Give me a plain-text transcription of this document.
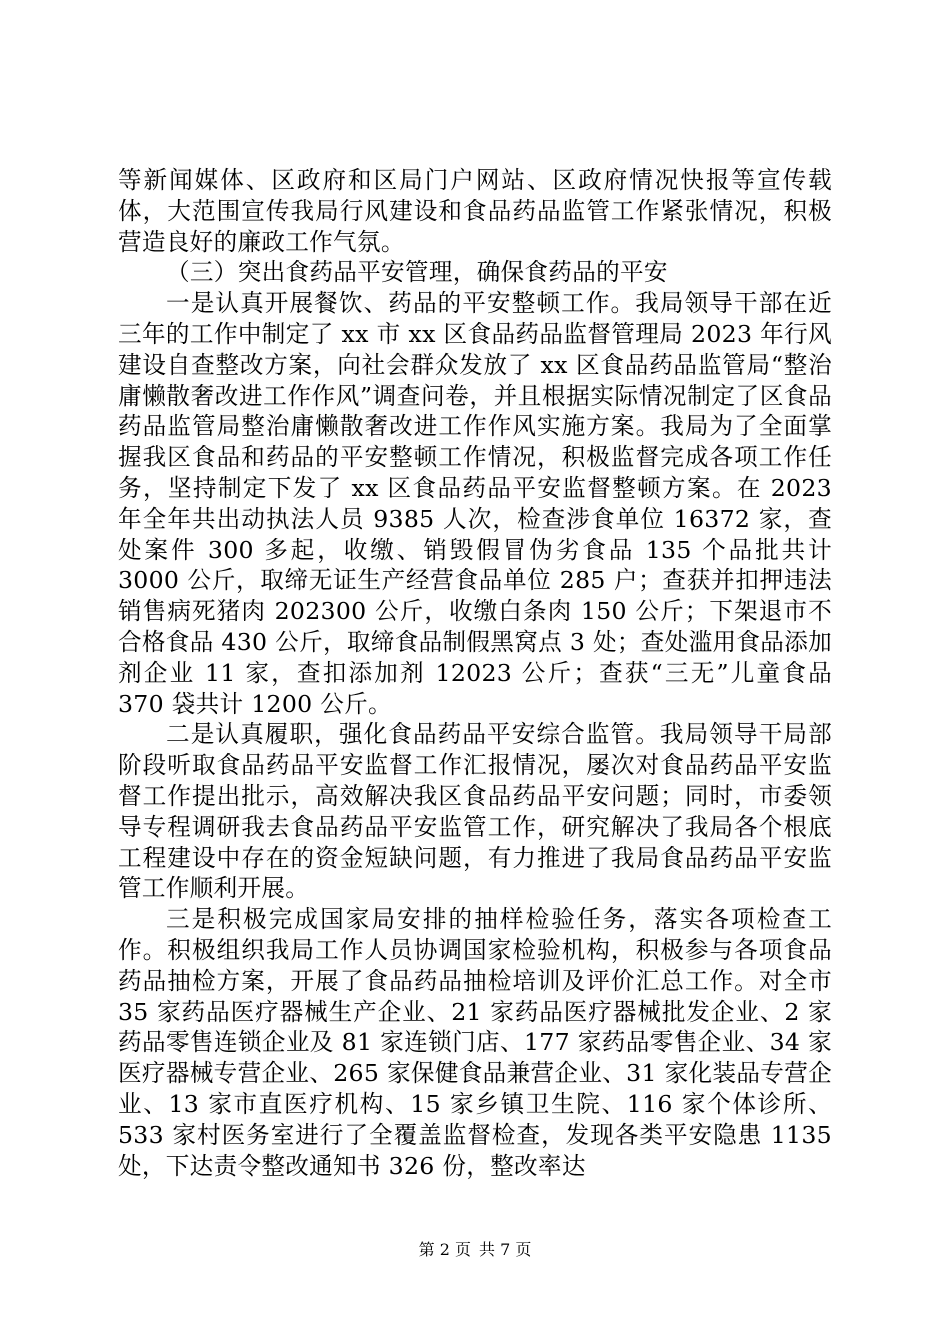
等新闻媒体、区政府和区局门户网站、区政府情况快报等宣传载体，大范围宣传我局行风建设和食品药品监管工作紧张情况，积极营造良好的廉政工作气氛。

（三）突出食药品平安管理，确保食药品的平安

一是认真开展餐饮、药品的平安整顿工作。我局领导干部在近三年的工作中制定了 xx 市 xx 区食品药品监督管理局 2023 年行风建设自查整改方案，向社会群众发放了 xx 区食品药品监管局“整治庸懒散奢改进工作作风”调查问卷，并且根据实际情况制定了区食品药品监管局整治庸懒散奢改进工作作风实施方案。我局为了全面掌握我区食品和药品的平安整顿工作情况，积极监督完成各项工作任务，坚持制定下发了 xx 区食品药品平安监督整顿方案。在 2023 年全年共出动执法人员 9385 人次，检查涉食单位 16372 家，查处案件 300 多起，收缴、销毁假冒伪劣食品 135 个品批共计 3000 公斤，取缔无证生产经营食品单位 285 户；查获并扣押违法销售病死猪肉 202300 公斤，收缴白条肉 150 公斤；下架退市不合格食品 430 公斤，取缔食品制假黑窝点 3 处；查处滥用食品添加剂企业 11 家，查扣添加剂 12023 公斤；查获“三无”儿童食品 370 袋共计 1200 公斤。

二是认真履职，强化食品药品平安综合监管。我局领导干局部阶段听取食品药品平安监督工作汇报情况，屡次对食品药品平安监督工作提出批示，高效解决我区食品药品平安问题；同时，市委领导专程调研我去食品药品平安监管工作，研究解决了我局各个根底工程建设中存在的资金短缺问题，有力推进了我局食品药品平安监管工作顺利开展。

三是积极完成国家局安排的抽样检验任务，落实各项检查工作。积极组织我局工作人员协调国家检验机构，积极参与各项食品药品抽检方案，开展了食品药品抽检培训及评价汇总工作。对全市 35 家药品医疗器械生产企业、21 家药品医疗器械批发企业、2 家药品零售连锁企业及 81 家连锁门店、177 家药品零售企业、34 家医疗器械专营企业、265 家保健食品兼营企业、31 家化装品专营企业、13 家市直医疗机构、15 家乡镇卫生院、116 家个体诊所、533 家村医务室进行了全覆盖监督检查，发现各类平安隐患 1135 处，下达责令整改通知书 326 份，整改率达

第 2 页 共 7 页
